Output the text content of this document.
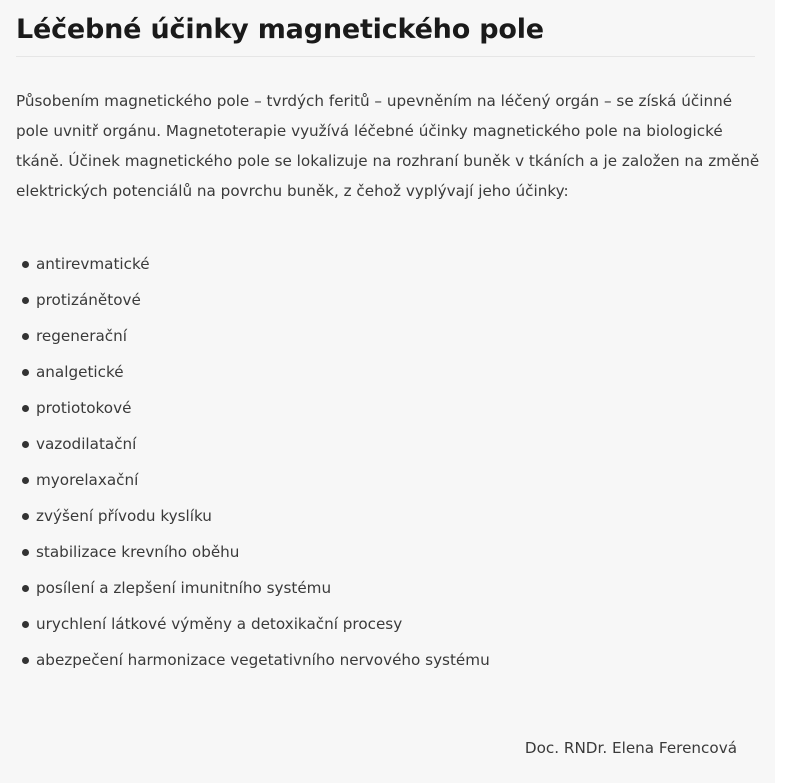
Léčebné účinky magnetického pole

Působením magnetického pole – tvrdých feritů – upevněním na léčený orgán – se získá účinné pole uvnitř orgánu. Magnetoterapie využívá léčebné účinky magnetického pole na biologické tkáně. Účinek magnetického pole se lokalizuje na rozhraní buněk v tkáních a je založen na změně elektrických potenciálů na povrchu buněk, z čehož vyplývají jeho účinky:

antirevmatické
protizánětové
regenerační
analgetické
protiotokové
vazodilatační
myorelaxační
zvýšení přívodu kyslíku
stabilizace krevního oběhu
posílení a zlepšení imunitního systému
urychlení látkové výměny a detoxikační procesy
abezpečení harmonizace vegetativního nervového systému

Doc. RNDr. Elena Ferencová
